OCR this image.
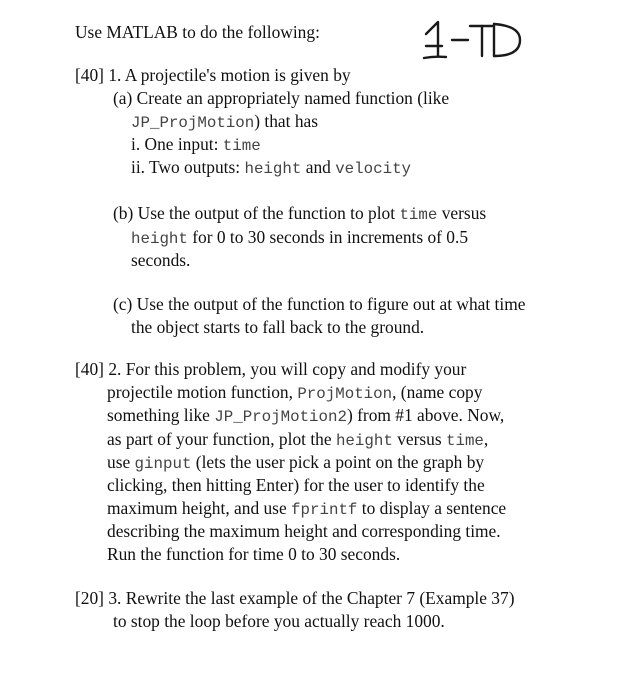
Use MATLAB to do the following:
[40] 1. A projectile's motion is given by
(a) Create an appropriately named function (like
JP_ProjMotion) that has
i. One input: time
ii. Two outputs: height and velocity
(b) Use the output of the function to plot time versus
height for 0 to 30 seconds in increments of 0.5
seconds.
(c) Use the output of the function to figure out at what time
the object starts to fall back to the ground.
[40] 2. For this problem, you will copy and modify your
projectile motion function, ProjMotion, (name copy
something like JP_ProjMotion2) from #1 above. Now,
as part of your function, plot the height versus time,
use ginput (lets the user pick a point on the graph by
clicking, then hitting Enter) for the user to identify the
maximum height, and use fprintf to display a sentence
describing the maximum height and corresponding time.
Run the function for time 0 to 30 seconds.
[20] 3. Rewrite the last example of the Chapter 7 (Example 37)
to stop the loop before you actually reach 1000.
